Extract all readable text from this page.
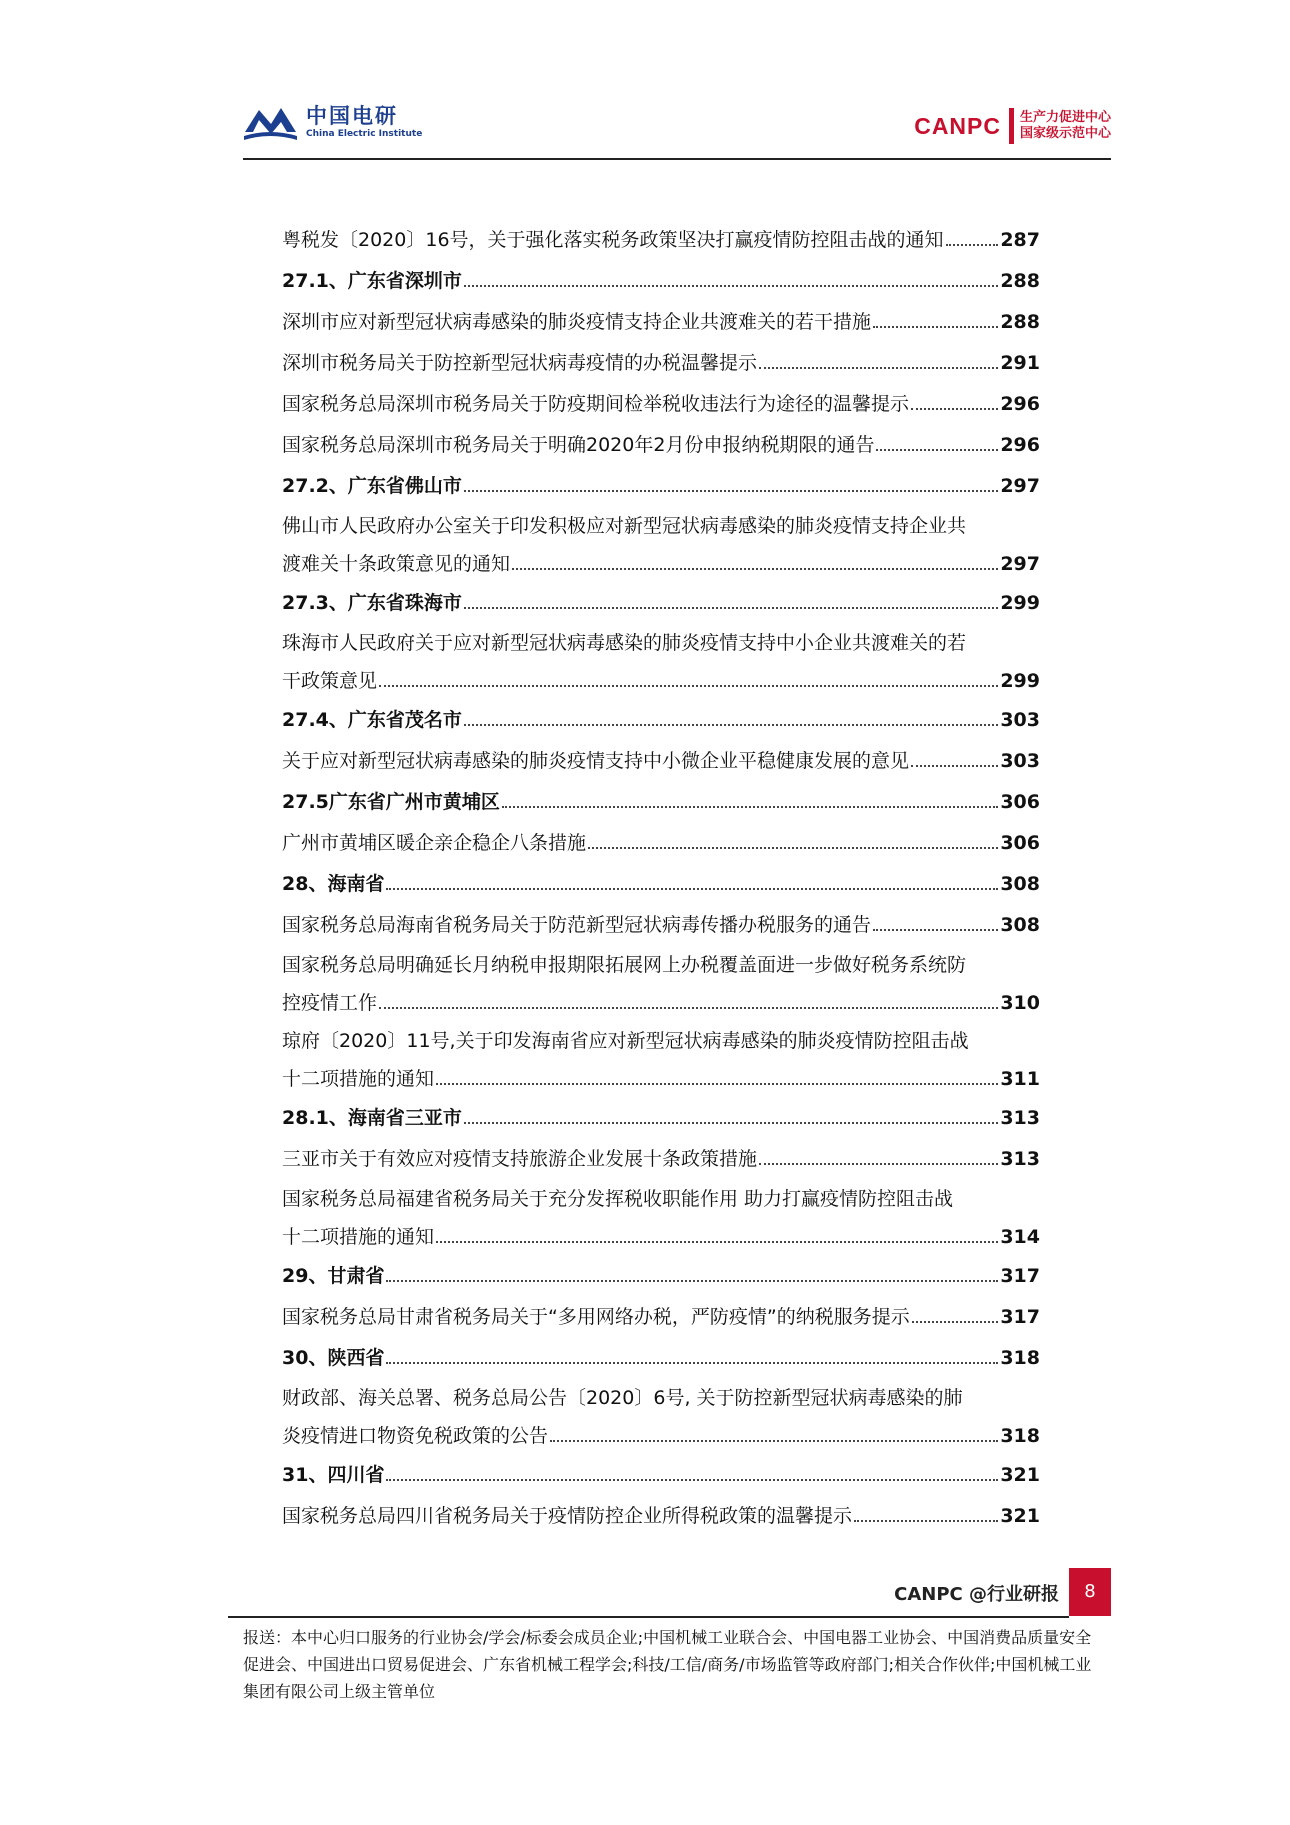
中国电研
China Electric Institute	CANPC 生产力促进中心
国家级示范中心
粤税发〔2020〕16号，关于强化落实税务政策坚决打赢疫情防控阻击战的通知	287
27.1、广东省深圳市	288
深圳市应对新型冠状病毒感染的肺炎疫情支持企业共渡难关的若干措施	288
深圳市税务局关于防控新型冠状病毒疫情的办税温馨提示	291
国家税务总局深圳市税务局关于防疫期间检举税收违法行为途径的温馨提示	296
国家税务总局深圳市税务局关于明确2020年2月份申报纳税期限的通告	296
27.2、广东省佛山市	297
佛山市人民政府办公室关于印发积极应对新型冠状病毒感染的肺炎疫情支持企业共
渡难关十条政策意见的通知	297
27.3、广东省珠海市	299
珠海市人民政府关于应对新型冠状病毒感染的肺炎疫情支持中小企业共渡难关的若
干政策意见	299
27.4、广东省茂名市	303
关于应对新型冠状病毒感染的肺炎疫情支持中小微企业平稳健康发展的意见	303
27.5广东省广州市黄埔区	306
广州市黄埔区暖企亲企稳企八条措施	306
28、海南省	308
国家税务总局海南省税务局关于防范新型冠状病毒传播办税服务的通告	308
国家税务总局明确延长月纳税申报期限拓展网上办税覆盖面进一步做好税务系统防
控疫情工作	310
琼府〔2020〕11号,关于印发海南省应对新型冠状病毒感染的肺炎疫情防控阻击战
十二项措施的通知	311
28.1、海南省三亚市	313
三亚市关于有效应对疫情支持旅游企业发展十条政策措施	313
国家税务总局福建省税务局关于充分发挥税收职能作用 助力打赢疫情防控阻击战
十二项措施的通知	314
29、甘肃省	317
国家税务总局甘肃省税务局关于“多用网络办税，严防疫情”的纳税服务提示	317
30、陕西省	318
财政部、海关总署、税务总局公告〔2020〕6号, 关于防控新型冠状病毒感染的肺
炎疫情进口物资免税政策的公告	318
31、四川省	321
国家税务总局四川省税务局关于疫情防控企业所得税政策的温馨提示	321
CANPC @行业研报	8
报送：本中心归口服务的行业协会/学会/标委会成员企业;中国机械工业联合会、中国电器工业协会、中国消费品质量安全促进会、中国进出口贸易促进会、广东省机械工程学会;科技/工信/商务/市场监管等政府部门;相关合作伙伴;中国机械工业集团有限公司上级主管单位
